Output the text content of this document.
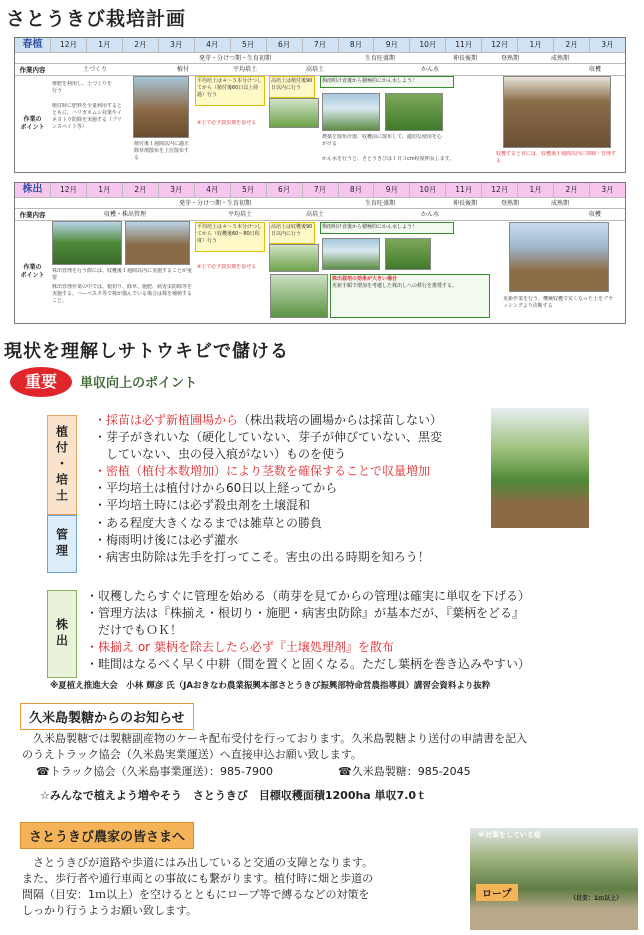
さとうきび栽培計画
春植	12月	1月	2月	3月	4月	5月	6月	7月	8月	9月	10月	11月	12月	1月	2月	3月
発芽・分けつ期・生育初期	生育旺盛期	伸長後期	登熟期	成熟期
作業内容	土づくり	植付	平均培土	高培土	かん水	収穫
作業の
ポイント
堆肥を利用し、土づくりを行う
植付時に肥料を全量利用するとともに、ハリガネムシ対策やイネヨトウ防除を実施する（プリンスベイト等）
植付後１週間以内に適正除草剤散布を上位散布する
平均培土は４～５本分けつしてから（植付後60日以上経過）行う
※主で必ず殺虫剤を混ぜる
高培土は植付後90日以内に行う
梅雨明け直後から積極的にかん水しよう！
農薬を散布計器、収穫前に散布して、適切な使用を心がける
かん水を行うと、さとうきびは１日３cm程度伸長します。
収穫すると直には、収穫後１週間以内に抑制・管理する
株出	12月	1月	2月	3月	4月	5月	6月	7月	8月	9月	10月	11月	12月	1月	2月	3月
発芽・分けつ期・生育初期	生育旺盛期	伸長後期	登熟期	成熟期
作業内容	収穫・株出管理	平均培土	高培土	かん水	収穫
作業の
ポイント
株出管理を行う際には、収穫後１週間以内に実施することが重要
株出管理作業の中では、根切り、除草、施肥、病害虫防除等を実施する。ハーベスタ等で株が傷んでいる場合は株を補植すること。
平均培土は４～５本分けつしてから（収穫後60～80日程度）行う
※主で必ず殺虫剤を混ぜる
高培土は収穫後90日以内に行う
梅雨明け直後から積極的にかん水しよう！
株出栽培の効果が大きい場合
更新手順で増加を考慮した株出しへの移行を推奨する。
更新作業を行う。機械収穫で荒くなった土をブラッシングより決断する
現状を理解しサトウキビで儲ける
重要	単収向上のポイント
植付・培土
・採苗は必ず新植圃場から（株出栽培の圃場からは採苗しない）
・芽子がきれいな（硬化していない、芽子が伸びていない、黒変
　していない、虫の侵入痕がない）ものを使う
・密植（植付本数増加）により茎数を確保することで収量増加
・平均培土は植付けから60日以上経ってから
・平均培土時には必ず殺虫剤を土壌混和
管理
・ある程度大きくなるまでは雑草との勝負
・梅雨明け後には必ず灌水
・病害虫防除は先手を打ってこそ。害虫の出る時期を知ろう！
株出
・収穫したらすぐに管理を始める（萌芽を見てからの管理は確実に単収を下げる）
・管理方法は『株揃え・根切り・施肥・病害虫防除』が基本だが、『葉柄をどる』
　だけでもＯＫ！
・株揃え or 葉柄を除去したら必ず『土壌処理剤』を散布
・畦間はなるべく早く中耕（間を置くと固くなる。ただし葉柄を巻き込みやすい）
※夏植え推進大会　小林 輝彦 氏（JAおきなわ農業振興本部さとうきび振興部特命営農指導員）講習会資料より抜粋
久米島製糖からのお知らせ
　久米島製糖では製糖副産物のケーキ配布受付を行っております。久米島製糖より送付の申請書を記入
のうえトラック協会（久米島実業運送）へ直接申込お願い致します。
☎トラック協会（久米島事業運送）：985-7900	☎久米島製糖：985-2045
☆みんなで植えよう増やそう　さとうきび　目標収穫面積1200ha 単収7.0ｔ
さとうきび農家の皆さまへ
　さとうきびが道路や歩道にはみ出していると交通の支障となります。
また、歩行者や通行車両との事故にも繋がります。植付時に畑と歩道の
間隔（目安：1ｍ以上）を空けるとともにロープ等で縛るなどの対策を
しっかり行うようお願い致します。
※対策をしている畑
ロープ	（目安：1ｍ以上）
